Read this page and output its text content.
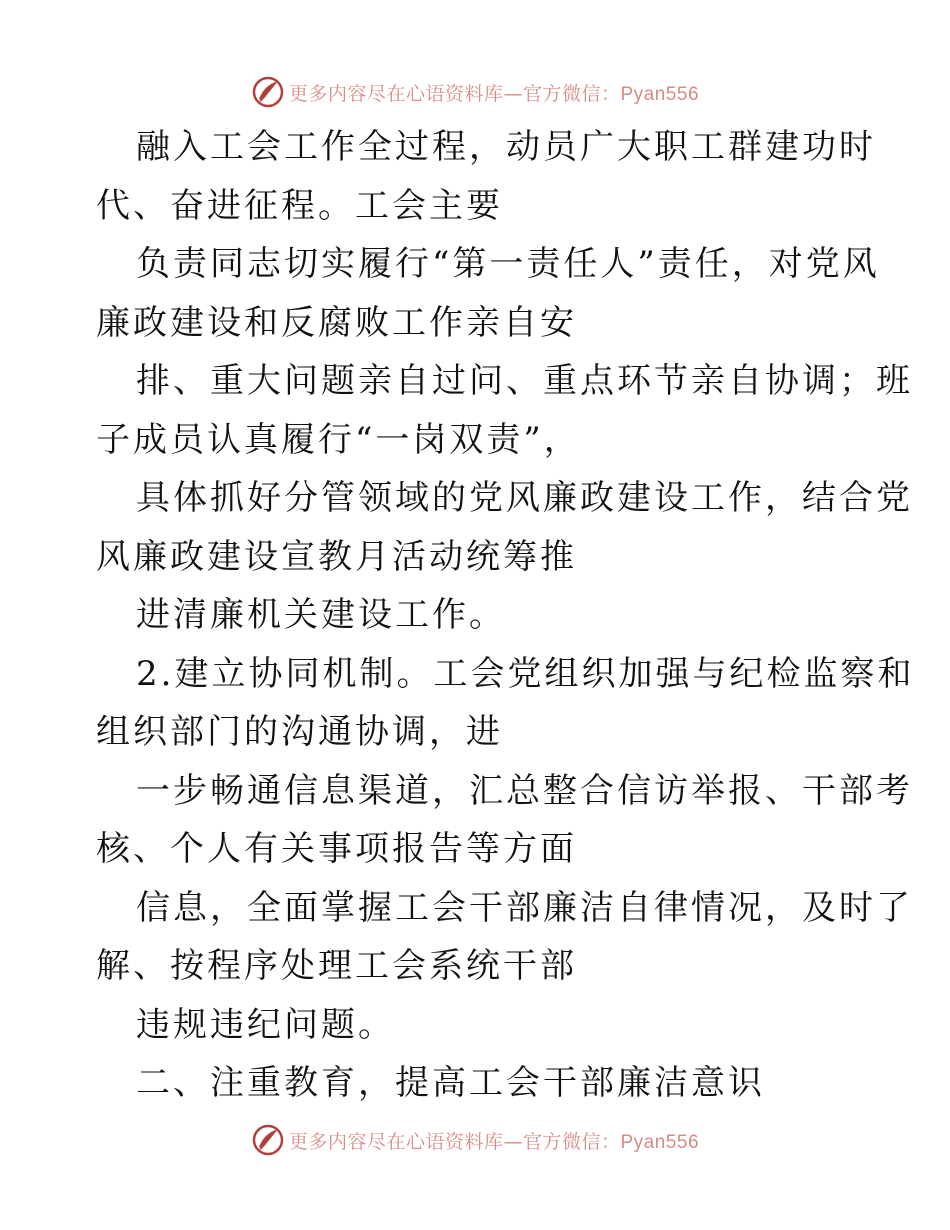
更多内容尽在心语资料库—官方微信：Pyan556
融入工会工作全过程，动员广大职工群建功时
代、奋进征程。工会主要
负责同志切实履行“第一责任人”责任，对党风
廉政建设和反腐败工作亲自安
排、重大问题亲自过问、重点环节亲自协调；班
子成员认真履行“一岗双责”，
具体抓好分管领域的党风廉政建设工作，结合党
风廉政建设宣教月活动统筹推
进清廉机关建设工作。
2.建立协同机制。工会党组织加强与纪检监察和
组织部门的沟通协调，进
一步畅通信息渠道，汇总整合信访举报、干部考
核、个人有关事项报告等方面
信息，全面掌握工会干部廉洁自律情况，及时了
解、按程序处理工会系统干部
违规违纪问题。
二、注重教育，提高工会干部廉洁意识
更多内容尽在心语资料库—官方微信：Pyan556
